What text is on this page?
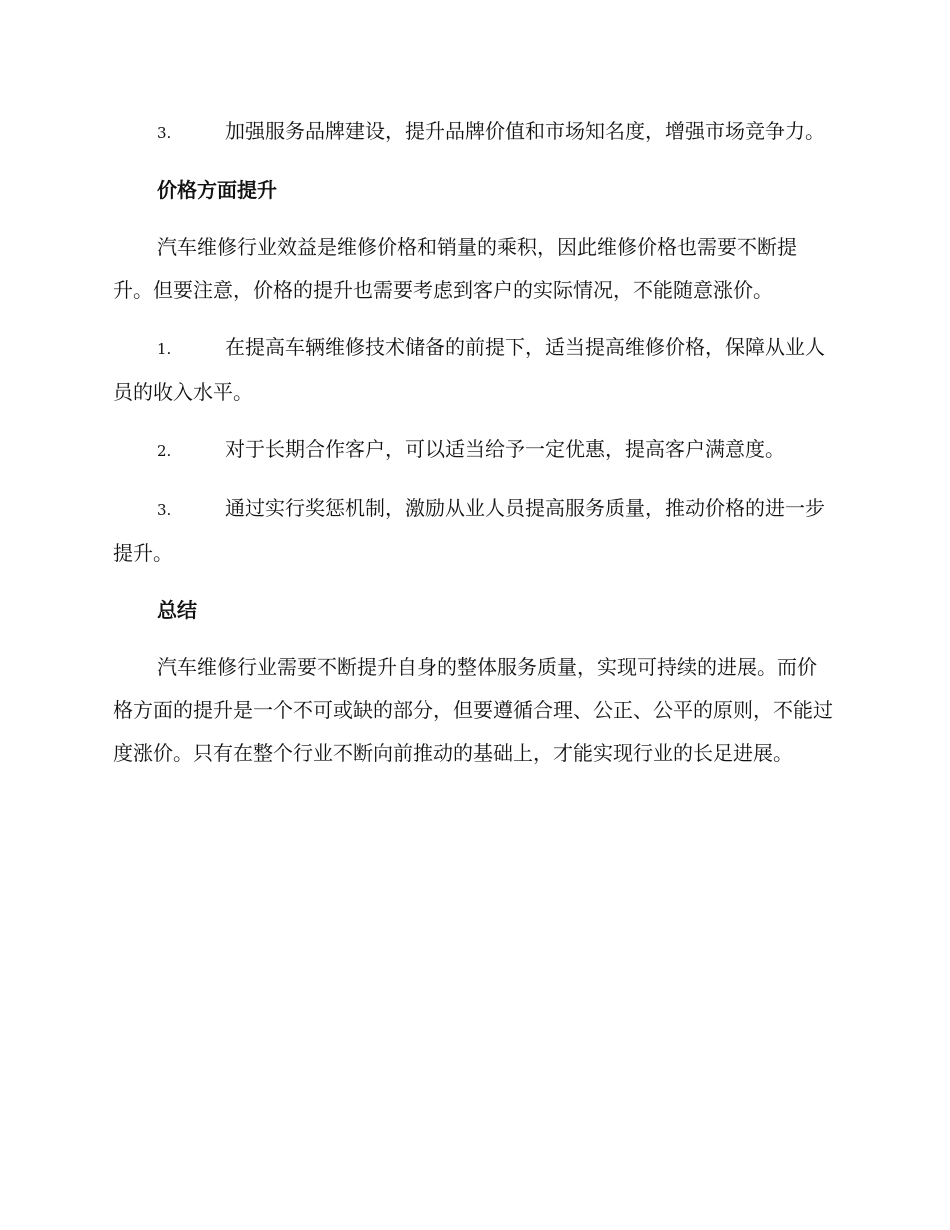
3.	加强服务品牌建设，提升品牌价值和市场知名度，增强市场竞争力。

价格方面提升

汽车维修行业效益是维修价格和销量的乘积，因此维修价格也需要不断提升。但要注意，价格的提升也需要考虑到客户的实际情况，不能随意涨价。

1.	在提高车辆维修技术储备的前提下，适当提高维修价格，保障从业人员的收入水平。

2.	对于长期合作客户，可以适当给予一定优惠，提高客户满意度。

3.	通过实行奖惩机制，激励从业人员提高服务质量，推动价格的进一步提升。

总结

汽车维修行业需要不断提升自身的整体服务质量，实现可持续的进展。而价格方面的提升是一个不可或缺的部分，但要遵循合理、公正、公平的原则，不能过度涨价。只有在整个行业不断向前推动的基础上，才能实现行业的长足进展。
